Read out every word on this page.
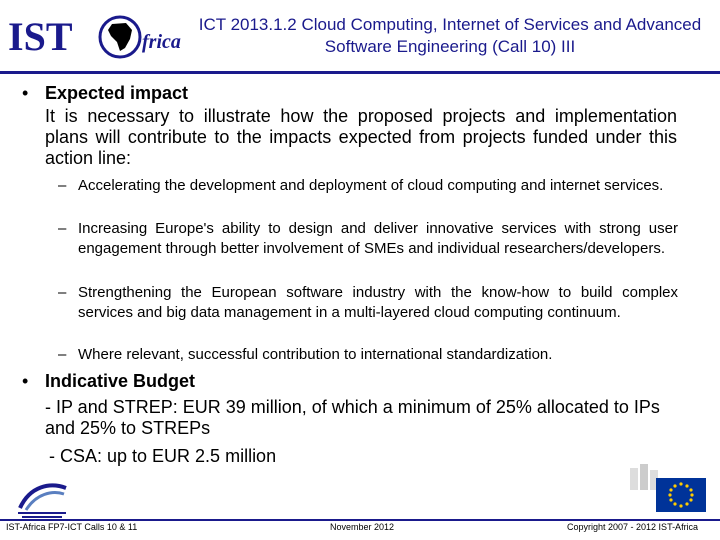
IST	frica
ICT 2013.1.2 Cloud Computing, Internet of Services and Advanced Software Engineering (Call 10) III
• Expected impact
It is necessary to illustrate how the proposed projects and implementation plans will contribute to the impacts expected from projects funded under this action line:
– Accelerating the development and deployment of cloud computing and internet services.
– Increasing Europe's ability to design and deliver innovative services with strong user engagement through better involvement of SMEs and individual researchers/developers.
– Strengthening the European software industry with the know-how to build complex services and big data management in a multi-layered cloud computing continuum.
– Where relevant, successful contribution to international standardization.
• Indicative Budget
- IP and STREP: EUR 39 million, of which a minimum of 25% allocated to IPs and 25% to STREPs
- CSA: up to EUR 2.5 million
IST-Africa FP7-ICT Calls 10 & 11	November 2012	Copyright 2007 - 2012 IST-Africa
